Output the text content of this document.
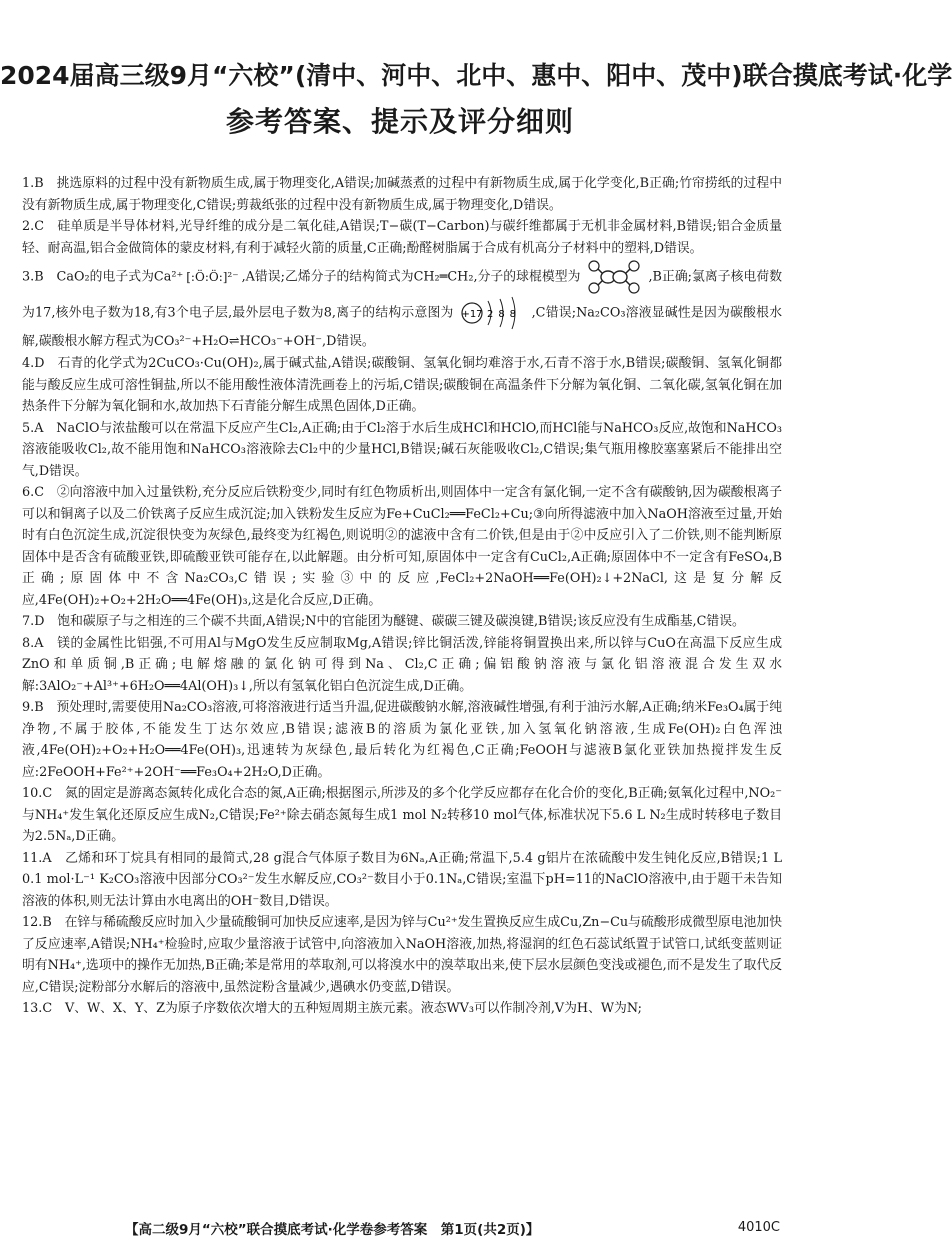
2024届高三级9月“六校”(清中、河中、北中、惠中、阳中、茂中)联合摸底考试·化学
参考答案、提示及评分细则

1.B　 挑选原料的过程中没有新物质生成,属于物理变化,A错误;加碱蒸煮的过程中有新物质生成,属于化学变化,B正确;竹帘捞纸的过程中没有新物质生成,属于物理变化,C错误;剪裁纸张的过程中没有新物质生成,属于物理变化,D错误。

2.C　 硅单质是半导体材料,光导纤维的成分是二氧化硅,A错误;T−碳(T−Carbon)与碳纤维都属于无机非金属材料,B错误;铝合金质量轻、耐高温,铝合金做筒体的蒙皮材料,有利于减轻火箭的质量,C正确;酚醛树脂属于合成有机高分子材料中的塑料,D错误。

3.B　 CaO₂的电子式为Ca²⁺ [:Ö:Ö:]²⁻ ,A错误;乙烯分子的结构简式为CH₂═CH₂,分子的球棍模型为	,B正确;氯离子核电荷数为17,核外电子数为18,有3个电子层,最外层电子数为8,离子的结构示意图为 +17 288 ,C错误;Na₂CO₃溶液显碱性是因为碳酸根水解,碳酸根水解方程式为CO₃²⁻+H₂O⇌HCO₃⁻+OH⁻,D错误。

4.D　 石青的化学式为2CuCO₃·Cu(OH)₂,属于碱式盐,A错误;碳酸铜、氢氧化铜均难溶于水,石青不溶于水,B错误;碳酸铜、氢氧化铜都能与酸反应生成可溶性铜盐,所以不能用酸性液体清洗画卷上的污垢,C错误;碳酸铜在高温条件下分解为氧化铜、二氧化碳,氢氧化铜在加热条件下分解为氧化铜和水,故加热下石青能分解生成黑色固体,D正确。

5.A　 NaClO与浓盐酸可以在常温下反应产生Cl₂,A正确;由于Cl₂溶于水后生成HCl和HClO,而HCl能与NaHCO₃反应,故饱和NaHCO₃溶液能吸收Cl₂,故不能用饱和NaHCO₃溶液除去Cl₂中的少量HCl,B错误;碱石灰能吸收Cl₂,C错误;集气瓶用橡胶塞塞紧后不能排出空气,D错误。

6.C　 ②向溶液中加入过量铁粉,充分反应后铁粉变少,同时有红色物质析出,则固体中一定含有氯化铜,一定不含有碳酸钠,因为碳酸根离子可以和铜离子以及二价铁离子反应生成沉淀;加入铁粉发生反应为Fe+CuCl₂══FeCl₂+Cu;③向所得滤液中加入NaOH溶液至过量,开始时有白色沉淀生成,沉淀很快变为灰绿色,最终变为红褐色,则说明②的滤液中含有二价铁,但是由于②中反应引入了二价铁,则不能判断原固体中是否含有硫酸亚铁,即硫酸亚铁可能存在,以此解题。由分析可知,原固体中一定含有CuCl₂,A正确;原固体中不一定含有FeSO₄,B正确;原固体中不含Na₂CO₃,C错误;实验③中的反应,FeCl₂+2NaOH══Fe(OH)₂↓+2NaCl,这是复分解反应,4Fe(OH)₂+O₂+2H₂O══4Fe(OH)₃,这是化合反应,D正确。

7.D　 饱和碳原子与之相连的三个碳不共面,A错误;N中的官能团为醚键、碳碳三键及碳溴键,B错误;该反应没有生成酯基,C错误。

8.A　 镁的金属性比铝强,不可用Al与MgO发生反应制取Mg,A错误;锌比铜活泼,锌能将铜置换出来,所以锌与CuO在高温下反应生成ZnO和单质铜,B正确;电解熔融的氯化钠可得到Na、Cl₂,C正确;偏铝酸钠溶液与氯化铝溶液混合发生双水解:3AlO₂⁻+Al³⁺+6H₂O══4Al(OH)₃↓,所以有氢氧化铝白色沉淀生成,D正确。

9.B　 预处理时,需要使用Na₂CO₃溶液,可将溶液进行适当升温,促进碳酸钠水解,溶液碱性增强,有利于油污水解,A正确;纳米Fe₃O₄属于纯净物,不属于胶体,不能发生丁达尔效应,B错误;滤液B的溶质为氯化亚铁,加入氢氧化钠溶液,生成Fe(OH)₂白色浑浊液,4Fe(OH)₂+O₂+H₂O══4Fe(OH)₃,迅速转为灰绿色,最后转化为红褐色,C正确;FeOOH与滤液B氯化亚铁加热搅拌发生反应:2FeOOH+Fe²⁺+2OH⁻══Fe₃O₄+2H₂O,D正确。

10.C　 氮的固定是游离态氮转化成化合态的氮,A正确;根据图示,所涉及的多个化学反应都存在化合价的变化,B正确;氨氧化过程中,NO₂⁻与NH₄⁺发生氧化还原反应生成N₂,C错误;Fe²⁺除去硝态氮每生成1 mol N₂转移10 mol气体,标准状况下5.6 L N₂生成时转移电子数目为2.5Nₐ,D正确。

11.A　 乙烯和环丁烷具有相同的最简式,28 g混合气体原子数目为6Nₐ,A正确;常温下,5.4 g铝片在浓硫酸中发生钝化反应,B错误;1 L 0.1 mol·L⁻¹ K₂CO₃溶液中因部分CO₃²⁻发生水解反应,CO₃²⁻数目小于0.1Nₐ,C错误;室温下pH=11的NaClO溶液中,由于题干未告知溶液的体积,则无法计算由水电离出的OH⁻数目,D错误。

12.B　 在锌与稀硫酸反应时加入少量硫酸铜可加快反应速率,是因为锌与Cu²⁺发生置换反应生成Cu,Zn−Cu与硫酸形成微型原电池加快了反应速率,A错误;NH₄⁺检验时,应取少量溶液于试管中,向溶液加入NaOH溶液,加热,将湿润的红色石蕊试纸置于试管口,试纸变蓝则证明有NH₄⁺,选项中的操作无加热,B正确;苯是常用的萃取剂,可以将溴水中的溴萃取出来,使下层水层颜色变浅或褪色,而不是发生了取代反应,C错误;淀粉部分水解后的溶液中,虽然淀粉含量减少,遇碘水仍变蓝,D错误。

13.C　 V、W、X、Y、Z为原子序数依次增大的五种短周期主族元素。液态WV₃可以作制冷剂,V为H、W为N;

【高二级9月“六校”联合摸底考试·化学卷参考答案　第1页(共2页)】	4010C
